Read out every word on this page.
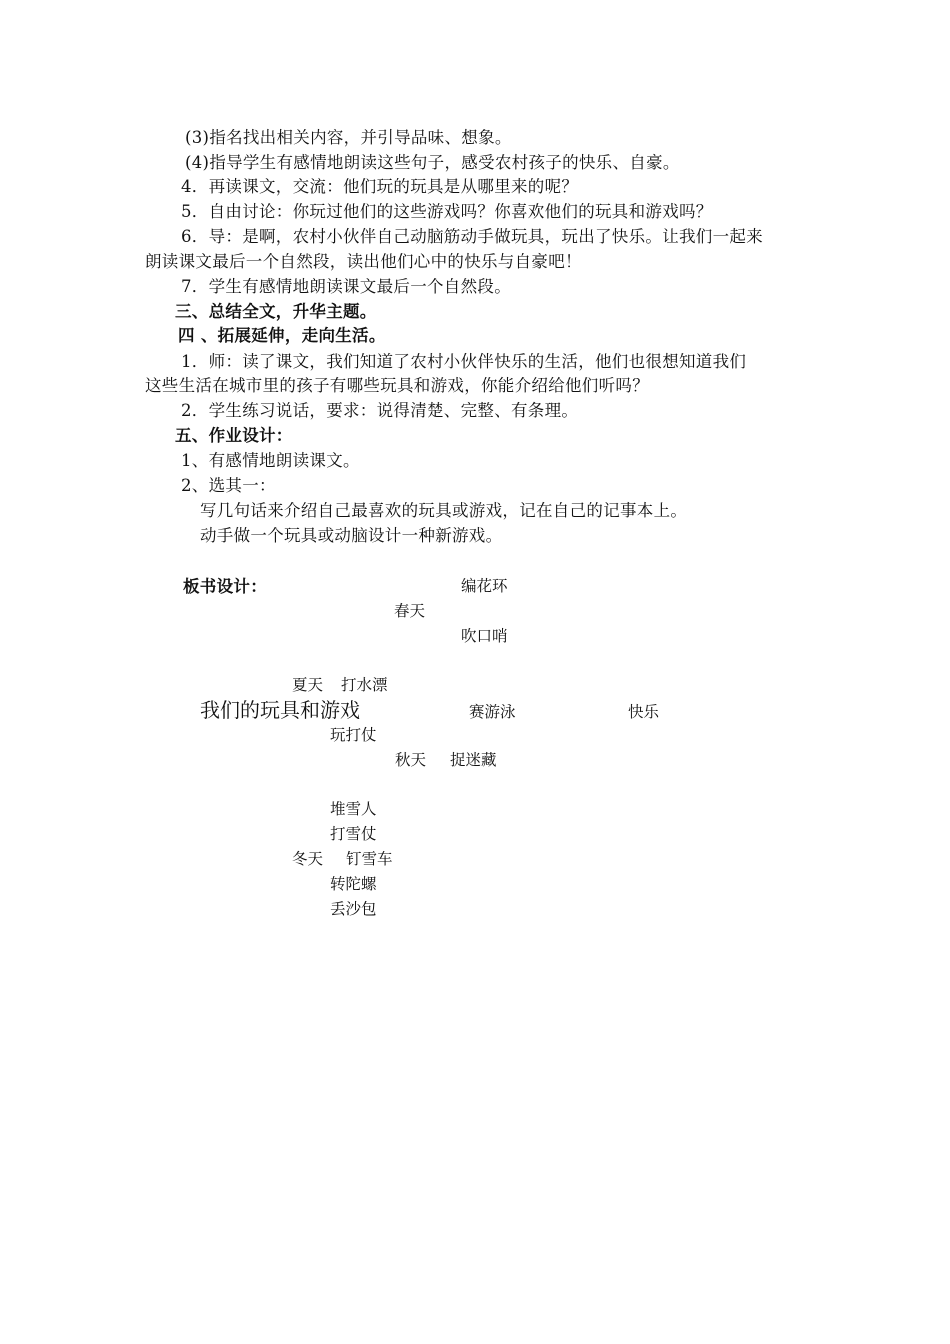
(3)指名找出相关内容，并引导品味、想象。
(4)指导学生有感情地朗读这些句子，感受农村孩子的快乐、自豪。
4．再读课文，交流：他们玩的玩具是从哪里来的呢？
5．自由讨论：你玩过他们的这些游戏吗？你喜欢他们的玩具和游戏吗？
6．导：是啊，农村小伙伴自己动脑筋动手做玩具，玩出了快乐。让我们一起来
朗读课文最后一个自然段，读出他们心中的快乐与自豪吧！
7．学生有感情地朗读课文最后一个自然段。
三、总结全文，升华主题。
四 、拓展延伸，走向生活。
1．师：读了课文，我们知道了农村小伙伴快乐的生活，他们也很想知道我们
这些生活在城市里的孩子有哪些玩具和游戏，你能介绍给他们听吗？
2．学生练习说话，要求：说得清楚、完整、有条理。
五、作业设计：
1、有感情地朗读课文。
2、选其一：
写几句话来介绍自己最喜欢的玩具或游戏，记在自己的记事本上。
动手做一个玩具或动脑设计一种新游戏。
板书设计：	编花环
春天
吹口哨
夏天 打水漂
我们的玩具和游戏	赛游泳	快乐
玩打仗
秋天 捉迷藏
堆雪人
打雪仗
冬天 钉雪车
转陀螺
丢沙包
